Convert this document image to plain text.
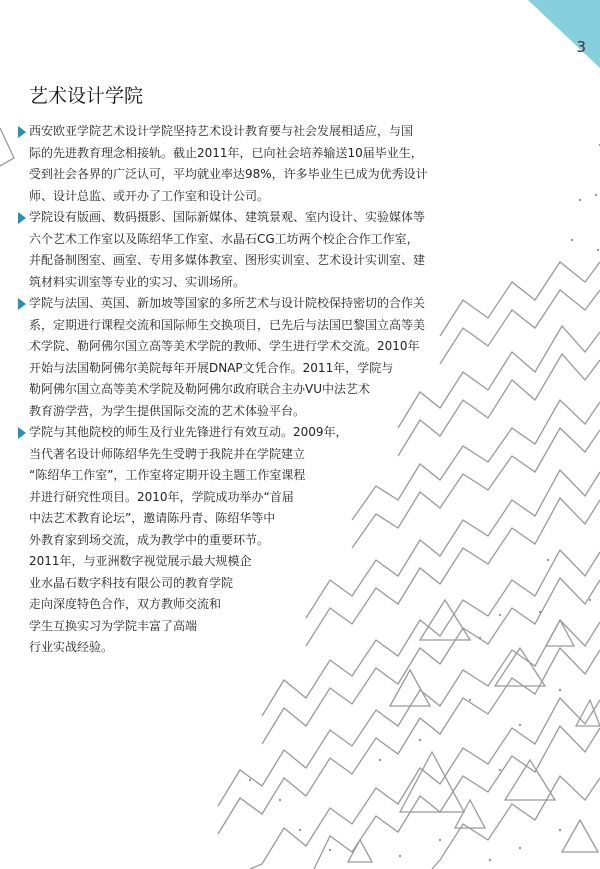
3
艺术设计学院

西安欧亚学院艺术设计学院坚持艺术设计教育要与社会发展相适应，与国
际的先进教育理念相接轨。截止2011年，已向社会培养输送10届毕业生，
受到社会各界的广泛认可，平均就业率达98%，许多毕业生已成为优秀设计
师、设计总监、或开办了工作室和设计公司。

学院设有版画、数码摄影、国际新媒体、建筑景观、室内设计、实验媒体等
六个艺术工作室以及陈绍华工作室、水晶石CG工坊两个校企合作工作室，
并配备制图室、画室、专用多媒体教室、图形实训室、艺术设计实训室、建
筑材料实训室等专业的实习、实训场所。

学院与法国、英国、新加坡等国家的多所艺术与设计院校保持密切的合作关
系，定期进行课程交流和国际师生交换项目，已先后与法国巴黎国立高等美
术学院、勒阿佛尔国立高等美术学院的教师、学生进行学术交流。2010年
开始与法国勒阿佛尔美院每年开展DNAP文凭合作。2011年，学院与
勒阿佛尔国立高等美术学院及勒阿佛尔政府联合主办VU中法艺术
教育游学营，为学生提供国际交流的艺术体验平台。

学院与其他院校的师生及行业先锋进行有效互动。2009年，
当代著名设计师陈绍华先生受聘于我院并在学院建立
“陈绍华工作室”，工作室将定期开设主题工作室课程
并进行研究性项目。2010年，学院成功举办“首届
中法艺术教育论坛”，邀请陈丹青、陈绍华等中
外教育家到场交流，成为教学中的重要环节。
2011年，与亚洲数字视觉展示最大规模企
业水晶石数字科技有限公司的教育学院
走向深度特色合作，双方教师交流和
学生互换实习为学院丰富了高端
行业实战经验。
